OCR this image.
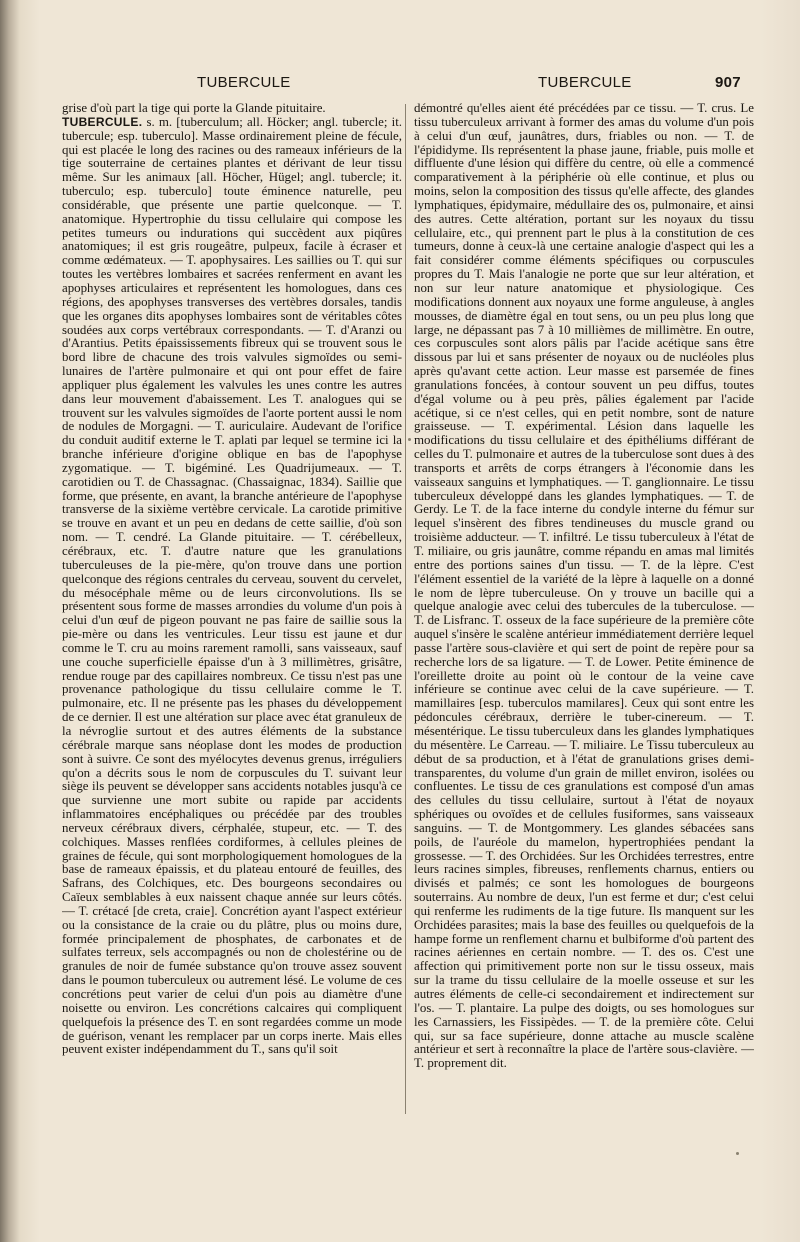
TUBERCULE	TUBERCULE	907

grise d'où part la tige qui porte la Glande pituitaire.

TUBERCULE. s. m. [tuberculum; all. Höcker; angl. tubercle; it. tubercule; esp. tuberculo]. Masse ordinairement pleine de fécule, qui est placée le long des racines ou des rameaux inférieurs de la tige souterraine de certaines plantes et dérivant de leur tissu même. Sur les animaux [all. Höcher, Hügel; angl. tubercle; it. tuberculo; esp. tuberculo] toute éminence naturelle, peu considérable, que présente une partie quelconque. — T. anatomique. Hypertrophie du tissu cellulaire qui compose les petites tumeurs ou indurations qui succèdent aux piqûres anatomiques; il est gris rougeâtre, pulpeux, facile à écraser et comme œdémateux. — T. apophysaires. Les saillies ou T. qui sur toutes les vertèbres lombaires et sacrées renferment en avant les apophyses articulaires et représentent les homologues, dans ces régions, des apophyses transverses des vertèbres dorsales, tandis que les organes dits apophyses lombaires sont de véritables côtes soudées aux corps vertébraux correspondants. — T. d'Aranzi ou d'Arantius. Petits épaississements fibreux qui se trouvent sous le bord libre de chacune des trois valvules sigmoïdes ou semi-lunaires de l'artère pulmonaire et qui ont pour effet de faire appliquer plus également les valvules les unes contre les autres dans leur mouvement d'abaissement. Les T. analogues qui se trouvent sur les valvules sigmoïdes de l'aorte portent aussi le nom de nodules de Morgagni. — T. auriculaire. Audevant de l'orifice du conduit auditif externe le T. aplati par lequel se termine ici la branche inférieure d'origine oblique en bas de l'apophyse zygomatique. — T. bigéminé. Les Quadrijumeaux. — T. carotidien ou T. de Chassagnac. (Chassaignac, 1834). Saillie que forme, que présente, en avant, la branche antérieure de l'apophyse transverse de la sixième vertèbre cervicale. La carotide primitive se trouve en avant et un peu en dedans de cette saillie, d'où son nom. — T. cendré. La Glande pituitaire. — T. cérébelleux, cérébraux, etc. T. d'autre nature que les granulations tuberculeuses de la pie-mère, qu'on trouve dans une portion quelconque des régions centrales du cerveau, souvent du cervelet, du mésocéphale même ou de leurs circonvolutions. Ils se présentent sous forme de masses arrondies du volume d'un pois à celui d'un œuf de pigeon pouvant ne pas faire de saillie sous la pie-mère ou dans les ventricules. Leur tissu est jaune et dur comme le T. cru au moins rarement ramolli, sans vaisseaux, sauf une couche superficielle épaisse d'un à 3 millimètres, grisâtre, rendue rouge par des capillaires nombreux. Ce tissu n'est pas une provenance pathologique du tissu cellulaire comme le T. pulmonaire, etc. Il ne présente pas les phases du développement de ce dernier. Il est une altération sur place avec état granuleux de la névroglie surtout et des autres éléments de la substance cérébrale marque sans néoplase dont les modes de production sont à suivre. Ce sont des myélocytes devenus grenus, irréguliers qu'on a décrits sous le nom de corpuscules du T. suivant leur siège ils peuvent se développer sans accidents notables jusqu'à ce que survienne une mort subite ou rapide par accidents inflammatoires encéphaliques ou précédée par des troubles nerveux cérébraux divers, cérphalée, stupeur, etc. — T. des colchiques. Masses renflées cordiformes, à cellules pleines de graines de fécule, qui sont morphologiquement homologues de la base de rameaux épaissis, et du plateau entouré de feuilles, des Safrans, des Colchiques, etc. Des bourgeons secondaires ou Caïeux semblables à eux naissent chaque année sur leurs côtés. — T. crétacé [de creta, craie]. Concrétion ayant l'aspect extérieur ou la consistance de la craie ou du plâtre, plus ou moins dure, formée principalement de phosphates, de carbonates et de sulfates terreux, sels accompagnés ou non de cholestérine ou de granules de noir de fumée substance qu'on trouve assez souvent dans le poumon tuberculeux ou autrement lésé. Le volume de ces concrétions peut varier de celui d'un pois au diamètre d'une noisette ou environ. Les concrétions calcaires qui compliquent quelquefois la présence des T. en sont regardées comme un mode de guérison, venant les remplacer par un corps inerte. Mais elles peuvent exister indépendamment du T., sans qu'il soit

démontré qu'elles aient été précédées par ce tissu. — T. crus. Le tissu tuberculeux arrivant à former des amas du volume d'un pois à celui d'un œuf, jaunâtres, durs, friables ou non. — T. de l'épididyme. Ils représentent la phase jaune, friable, puis molle et diffluente d'une lésion qui diffère du centre, où elle a commencé comparativement à la périphérie où elle continue, et plus ou moins, selon la composition des tissus qu'elle affecte, des glandes lymphatiques, épidymaire, médullaire des os, pulmonaire, et ainsi des autres. Cette altération, portant sur les noyaux du tissu cellulaire, etc., qui prennent part le plus à la constitution de ces tumeurs, donne à ceux-là une certaine analogie d'aspect qui les a fait considérer comme éléments spécifiques ou corpuscules propres du T. Mais l'analogie ne porte que sur leur altération, et non sur leur nature anatomique et physiologique. Ces modifications donnent aux noyaux une forme anguleuse, à angles mousses, de diamètre égal en tout sens, ou un peu plus long que large, ne dépassant pas 7 à 10 millièmes de millimètre. En outre, ces corpuscules sont alors pâlis par l'acide acétique sans être dissous par lui et sans présenter de noyaux ou de nucléoles plus après qu'avant cette action. Leur masse est parsemée de fines granulations foncées, à contour souvent un peu diffus, toutes d'égal volume ou à peu près, pâlies également par l'acide acétique, si ce n'est celles, qui en petit nombre, sont de nature graisseuse. — T. expérimental. Lésion dans laquelle les modifications du tissu cellulaire et des épithéliums différant de celles du T. pulmonaire et autres de la tuberculose sont dues à des transports et arrêts de corps étrangers à l'économie dans les vaisseaux sanguins et lymphatiques. — T. ganglionnaire. Le tissu tuberculeux développé dans les glandes lymphatiques. — T. de Gerdy. Le T. de la face interne du condyle interne du fémur sur lequel s'insèrent des fibres tendineuses du muscle grand ou troisième adducteur. — T. infiltré. Le tissu tuberculeux à l'état de T. miliaire, ou gris jaunâtre, comme répandu en amas mal limités entre des portions saines d'un tissu. — T. de la lèpre. C'est l'élément essentiel de la variété de la lèpre à laquelle on a donné le nom de lèpre tuberculeuse. On y trouve un bacille qui a quelque analogie avec celui des tubercules de la tuberculose. — T. de Lisfranc. T. osseux de la face supérieure de la première côte auquel s'insère le scalène antérieur immédiatement derrière lequel passe l'artère sous-clavière et qui sert de point de repère pour sa recherche lors de sa ligature. — T. de Lower. Petite éminence de l'oreillette droite au point où le contour de la veine cave inférieure se continue avec celui de la cave supérieure. — T. mamillaires [esp. tuberculos mamilares]. Ceux qui sont entre les pédoncules cérébraux, derrière le tuber-cinereum. — T. mésentérique. Le tissu tuberculeux dans les glandes lymphatiques du mésentère. Le Carreau. — T. miliaire. Le Tissu tuberculeux au début de sa production, et à l'état de granulations grises demi-transparentes, du volume d'un grain de millet environ, isolées ou confluentes. Le tissu de ces granulations est composé d'un amas des cellules du tissu cellulaire, surtout à l'état de noyaux sphériques ou ovoïdes et de cellules fusiformes, sans vaisseaux sanguins. — T. de Montgommery. Les glandes sébacées sans poils, de l'auréole du mamelon, hypertrophiées pendant la grossesse. — T. des Orchidées. Sur les Orchidées terrestres, entre leurs racines simples, fibreuses, renflements charnus, entiers ou divisés et palmés; ce sont les homologues de bourgeons souterrains. Au nombre de deux, l'un est ferme et dur; c'est celui qui renferme les rudiments de la tige future. Ils manquent sur les Orchidées parasites; mais la base des feuilles ou quelquefois de la hampe forme un renflement charnu et bulbiforme d'où partent des racines aériennes en certain nombre. — T. des os. C'est une affection qui primitivement porte non sur le tissu osseux, mais sur la trame du tissu cellulaire de la moelle osseuse et sur les autres éléments de celle-ci secondairement et indirectement sur l'os. — T. plantaire. La pulpe des doigts, ou ses homologues sur les Carnassiers, les Fissipèdes. — T. de la première côte. Celui qui, sur sa face supérieure, donne attache au muscle scalène antérieur et sert à reconnaître la place de l'artère sous-clavière. — T. proprement dit.
